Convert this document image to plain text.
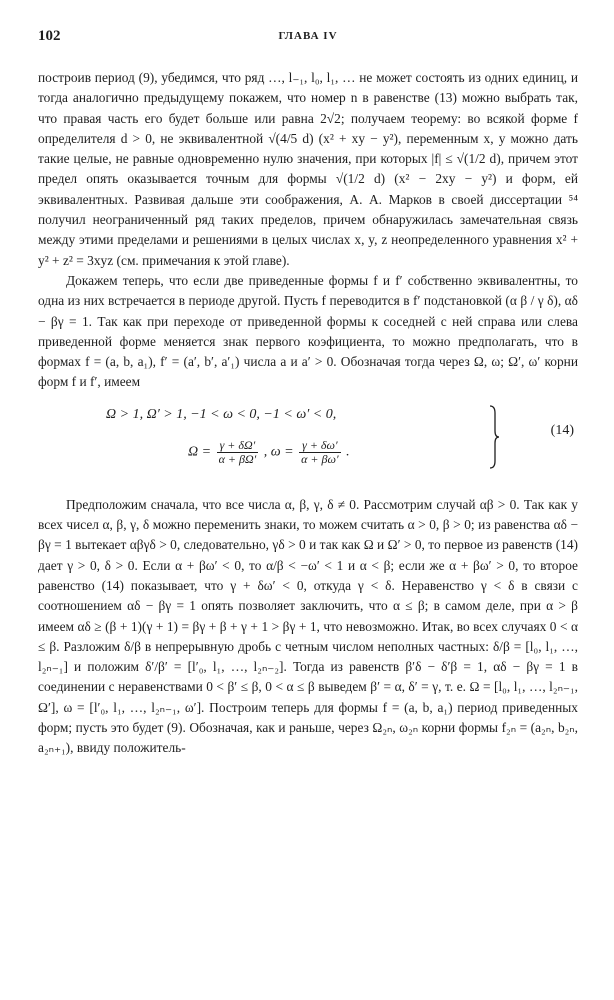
102	ГЛАВА IV

построив период (9), убедимся, что ряд …, l₋₁, l₀, l₁, … не может состоять из одних единиц, и тогда аналогично предыдущему покажем, что номер n в равенстве (13) можно выбрать так, что правая часть его будет больше или равна 2√2; получаем теорему: во всякой форме f определителя d > 0, не эквивалентной √(4/5 d) (x² + xy − y²), переменным x, y можно дать такие целые, не равные одновременно нулю значения, при которых |f| ≤ √(1/2 d), причем этот предел опять оказывается точным для формы √(1/2 d) (x² − 2xy − y²) и форм, ей эквивалентных. Развивая дальше эти соображения, А. А. Марков в своей диссертации ⁵⁴ получил неограниченный ряд таких пределов, причем обнаружилась замечательная связь между этими пределами и решениями в целых числах x, y, z неопределенного уравнения x² + y² + z² = 3xyz (см. примечания к этой главе).

Докажем теперь, что если две приведенные формы f и f′ собственно эквивалентны, то одна из них встречается в периоде другой. Пусть f переводится в f′ подстановкой (α β / γ δ), αδ − βγ = 1. Так как при переходе от приведенной формы к соседней с ней справа или слева приведенной форме меняется знак первого коэфициента, то можно предполагать, что в формах f = (a, b, a₁), f′ = (a′, b′, a′₁) числа a и a′ > 0. Обозначая тогда через Ω, ω; Ω′, ω′ корни форм f и f′, имеем

Ω > 1, Ω′ > 1, −1 < ω < 0, −1 < ω′ < 0,
$\Omega = \frac{\gamma + \delta\Omega'}{\alpha + \beta\Omega'}$ , $\omega = \frac{\gamma + \delta\omega'}{\alpha + \beta\omega'}$ .
(14)

Предположим сначала, что все числа α, β, γ, δ ≠ 0. Рассмотрим случай αβ > 0. Так как у всех чисел α, β, γ, δ можно переменить знаки, то можем считать α > 0, β > 0; из равенства αδ − βγ = 1 вытекает αβγδ > 0, следовательно, γδ > 0 и так как Ω и Ω′ > 0, то первое из равенств (14) дает γ > 0, δ > 0. Если α + βω′ < 0, то α/β < −ω′ < 1 и α < β; если же α + βω′ > 0, то второе равенство (14) показывает, что γ + δω′ < 0, откуда γ < δ. Неравенство γ < δ в связи с соотношением αδ − βγ = 1 опять позволяет заключить, что α ≤ β; в самом деле, при α > β имеем αδ ≥ (β + 1)(γ + 1) = βγ + β + γ + 1 > βγ + 1, что невозможно. Итак, во всех случаях 0 < α ≤ β. Разложим δ/β в непрерывную дробь с четным числом неполных частных: δ/β = [l₀, l₁, …, l₂ₙ₋₁] и положим δ′/β′ = [l′₀, l₁, …, l₂ₙ₋₂]. Тогда из равенств β′δ − δ′β = 1, αδ − βγ = 1 в соединении с неравенствами 0 < β′ ≤ β, 0 < α ≤ β выведем β′ = α, δ′ = γ, т. е. Ω = [l₀, l₁, …, l₂ₙ₋₁, Ω′], ω = [l′₀, l₁, …, l₂ₙ₋₁, ω′]. Построим теперь для формы f = (a, b, a₁) период приведенных форм; пусть это будет (9). Обозначая, как и раньше, через Ω₂ₙ, ω₂ₙ корни формы f₂ₙ = (a₂ₙ, b₂ₙ, a₂ₙ₊₁), ввиду положитель-
